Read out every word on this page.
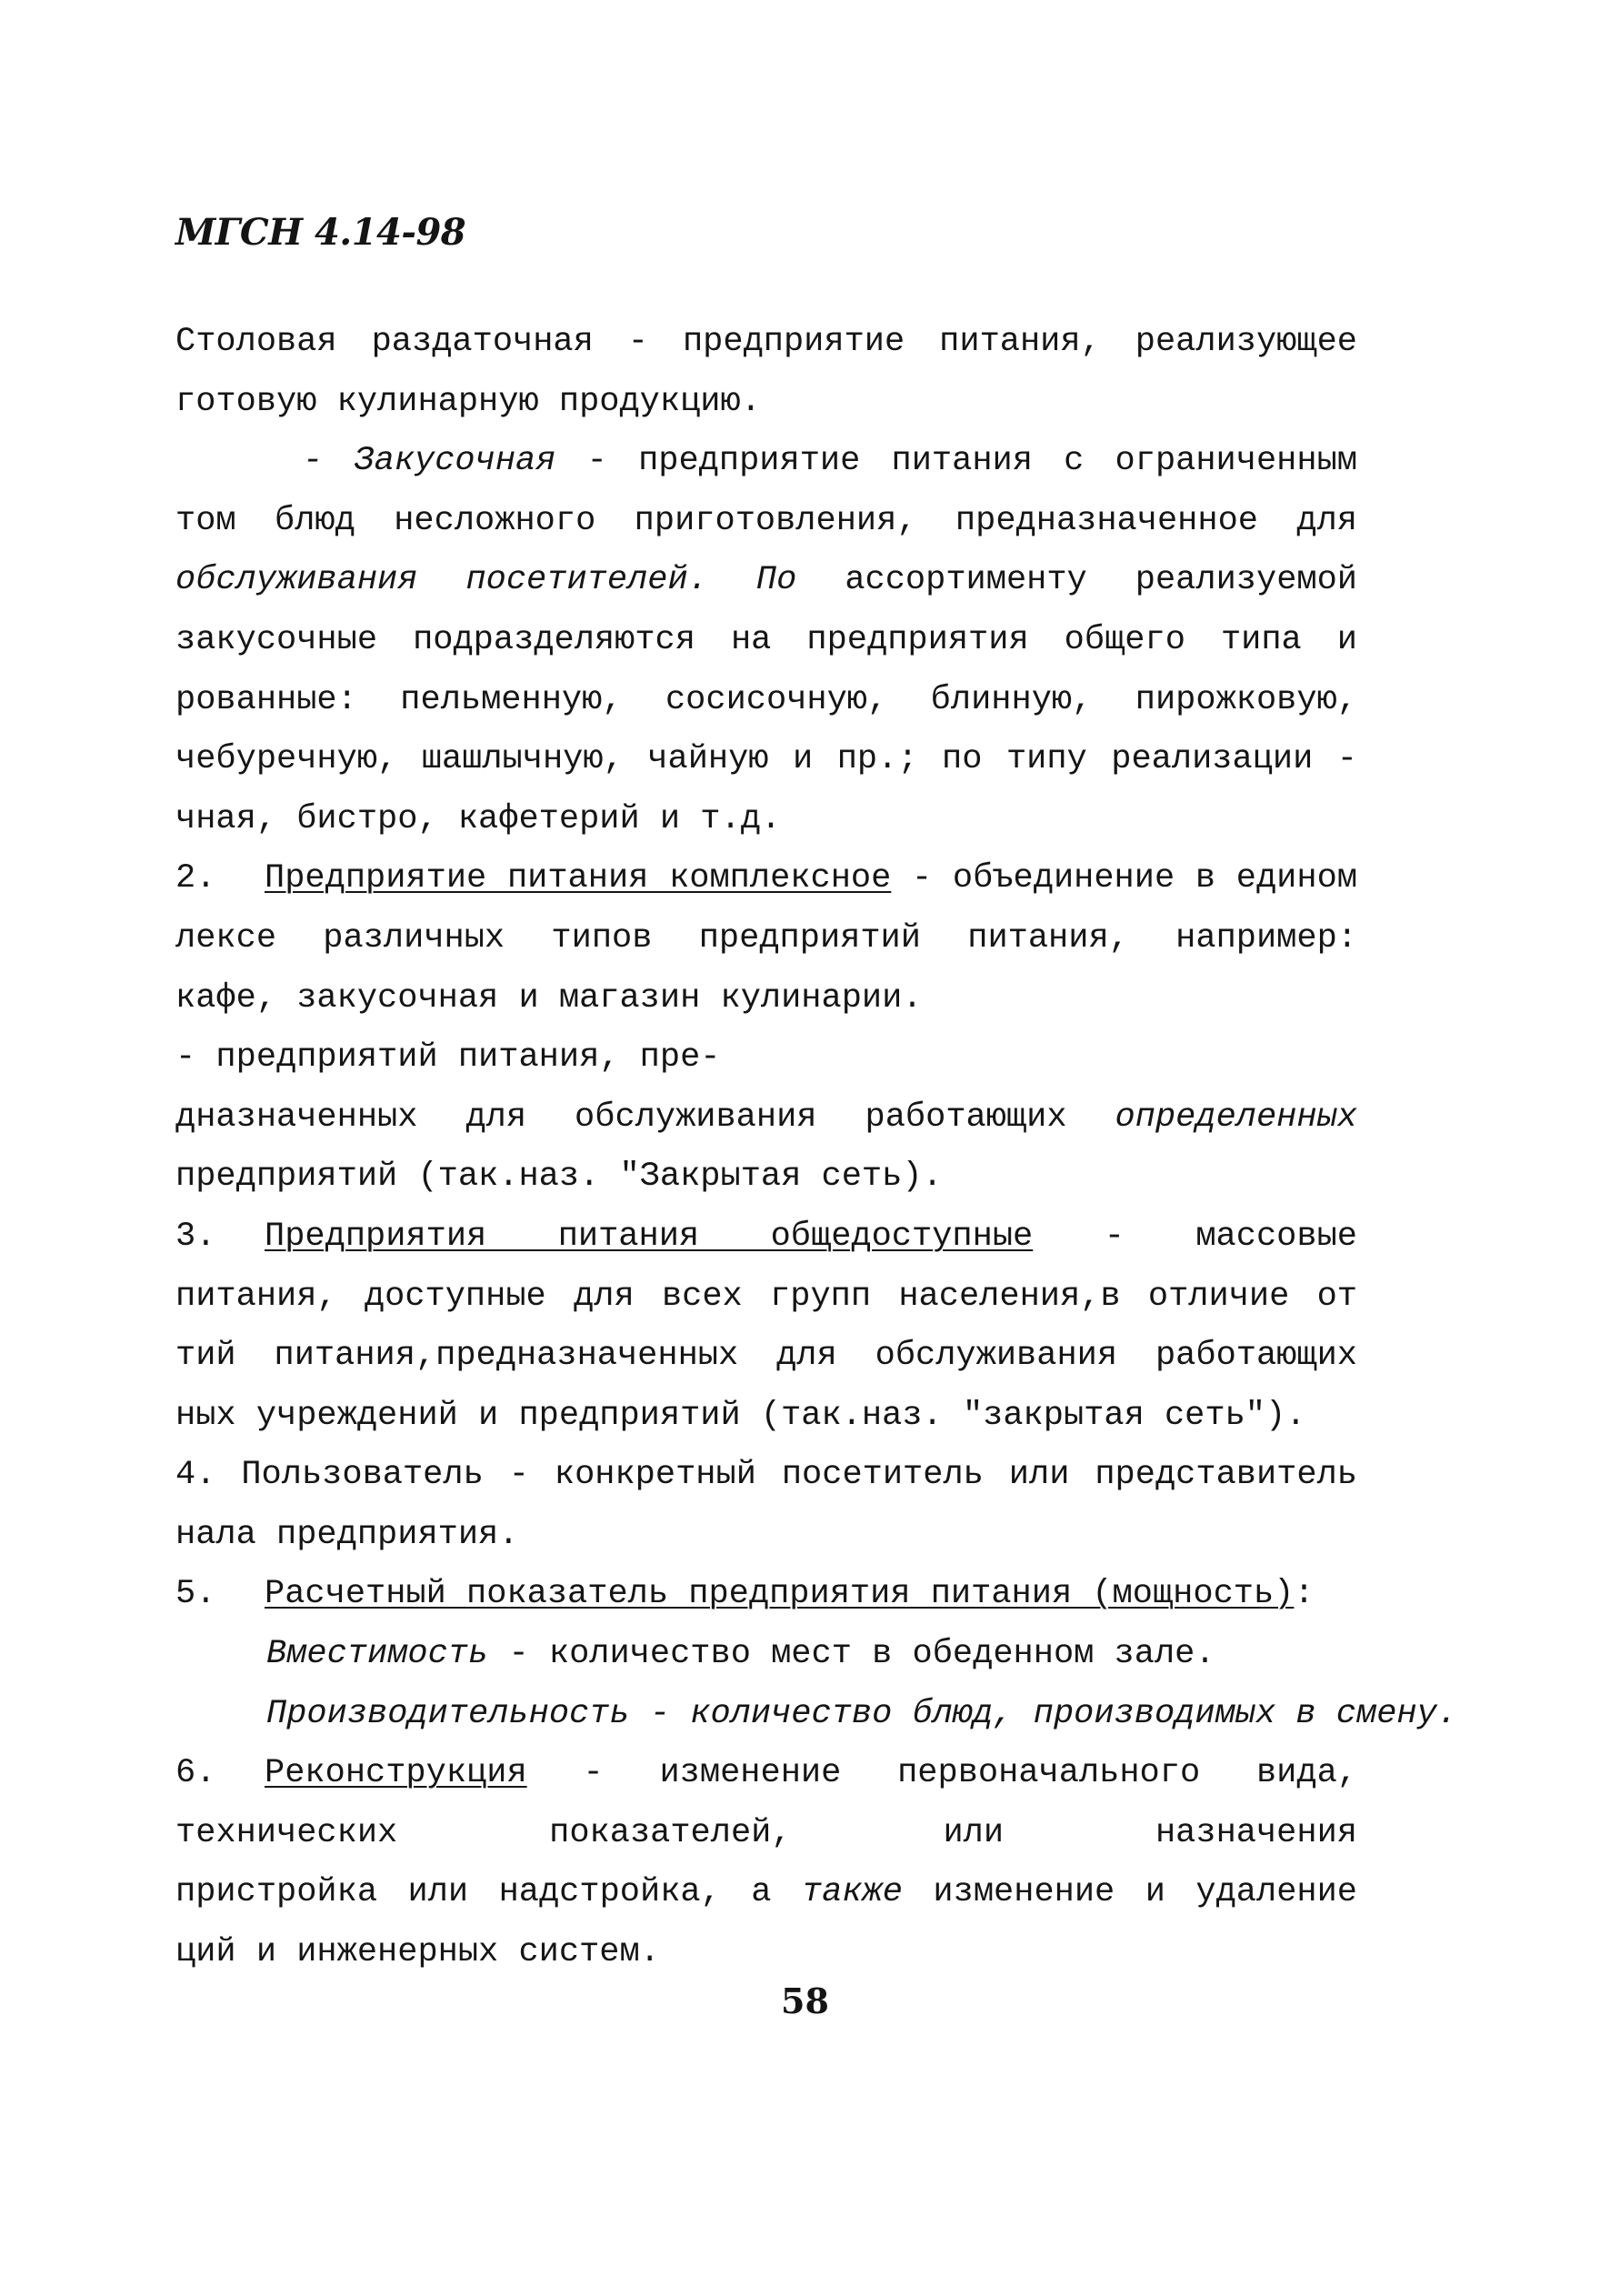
МГСН 4.14-98
Столовая раздаточная - предприятие питания, реализующее
готовую кулинарную продукцию.
- Закусочная - предприятие питания с ограниченным
том блюд несложного приготовления, предназначенное для
обслуживания посетителей. По ассортименту реализуемой
закусочные подразделяются на предприятия общего типа и
рованные: пельменную, сосисочную, блинную, пирожковую,
чебуречную, шашлычную, чайную и пр.; по типу реализации -
чная, бистро, кафетерий и т.д.
2. Предприятие питания комплексное - объединение в едином
лексе различных типов предприятий питания, например:
кафе, закусочная и магазин кулинарии.
- предприятий питания, пре-
дназначенных для обслуживания работающих определенных
предприятий (так.наз. "Закрытая сеть).
3. Предприятия питания общедоступные - массовые
питания, доступные для всех групп населения,в отличие от
тий питания,предназначенных для обслуживания работающих
ных учреждений и предприятий (так.наз. "закрытая сеть").
4. Пользователь - конкретный посетитель или представитель
нала предприятия.
5. Расчетный показатель предприятия питания (мощность):
Вместимость - количество мест в обеденном зале.
Производительность - количество блюд, производимых в смену.
6. Реконструкция - изменение первоначального вида,
технических показателей, или назначения
пристройка или надстройка, а также изменение и удаление
ций и инженерных систем.
58
